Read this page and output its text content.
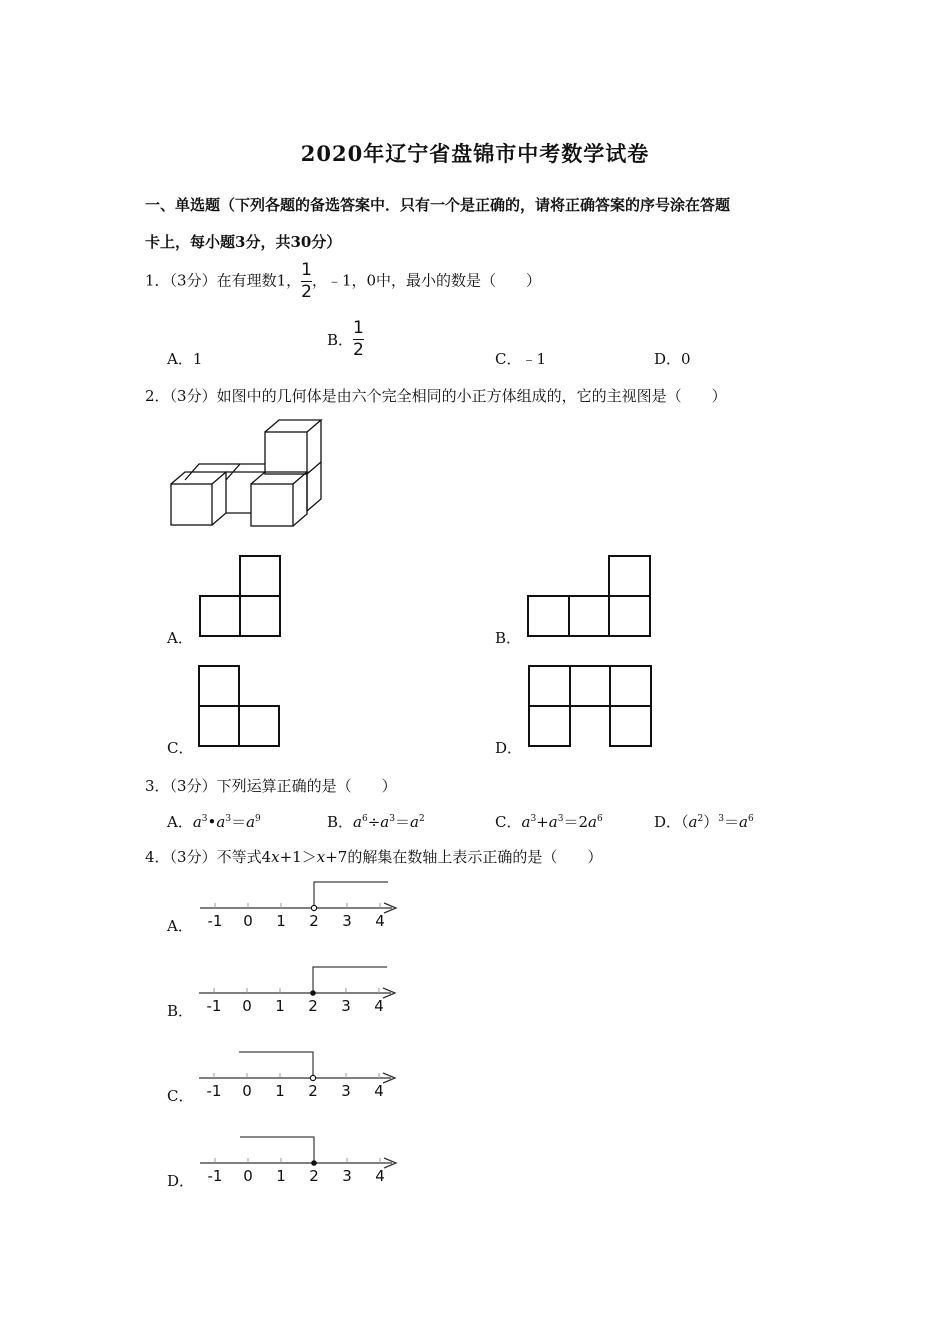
2020年辽宁省盘锦市中考数学试卷
一、单选题（下列各题的备选答案中．只有一个是正确的，请将正确答案的序号涂在答题
卡上，每小题3分，共30分）
1．（3分）在有理数1，$\frac{1}{2}$，﹣1，0中，最小的数是（　　）
A．1
B．$\frac{1}{2}$	C．﹣1	D．0
2．（3分）如图中的几何体是由六个完全相同的小正方体组成的，它的主视图是（　　）
A．	B．
C．	D．
3．（3分）下列运算正确的是（　　）
A．$a^3•a^3=a^9$	B．$a^6\div a^3=a^2$	C．$a^3+a^3=2a^6$	D．$(a^2)^3=a^6$
4．（3分）不等式4x+1＞x+7的解集在数轴上表示正确的是（　　）
A． -1 0 1 2 3 4
B． -1 0 1 2 3 4
C． -1 0 1 2 3 4
D． -1 0 1 2 3 4
